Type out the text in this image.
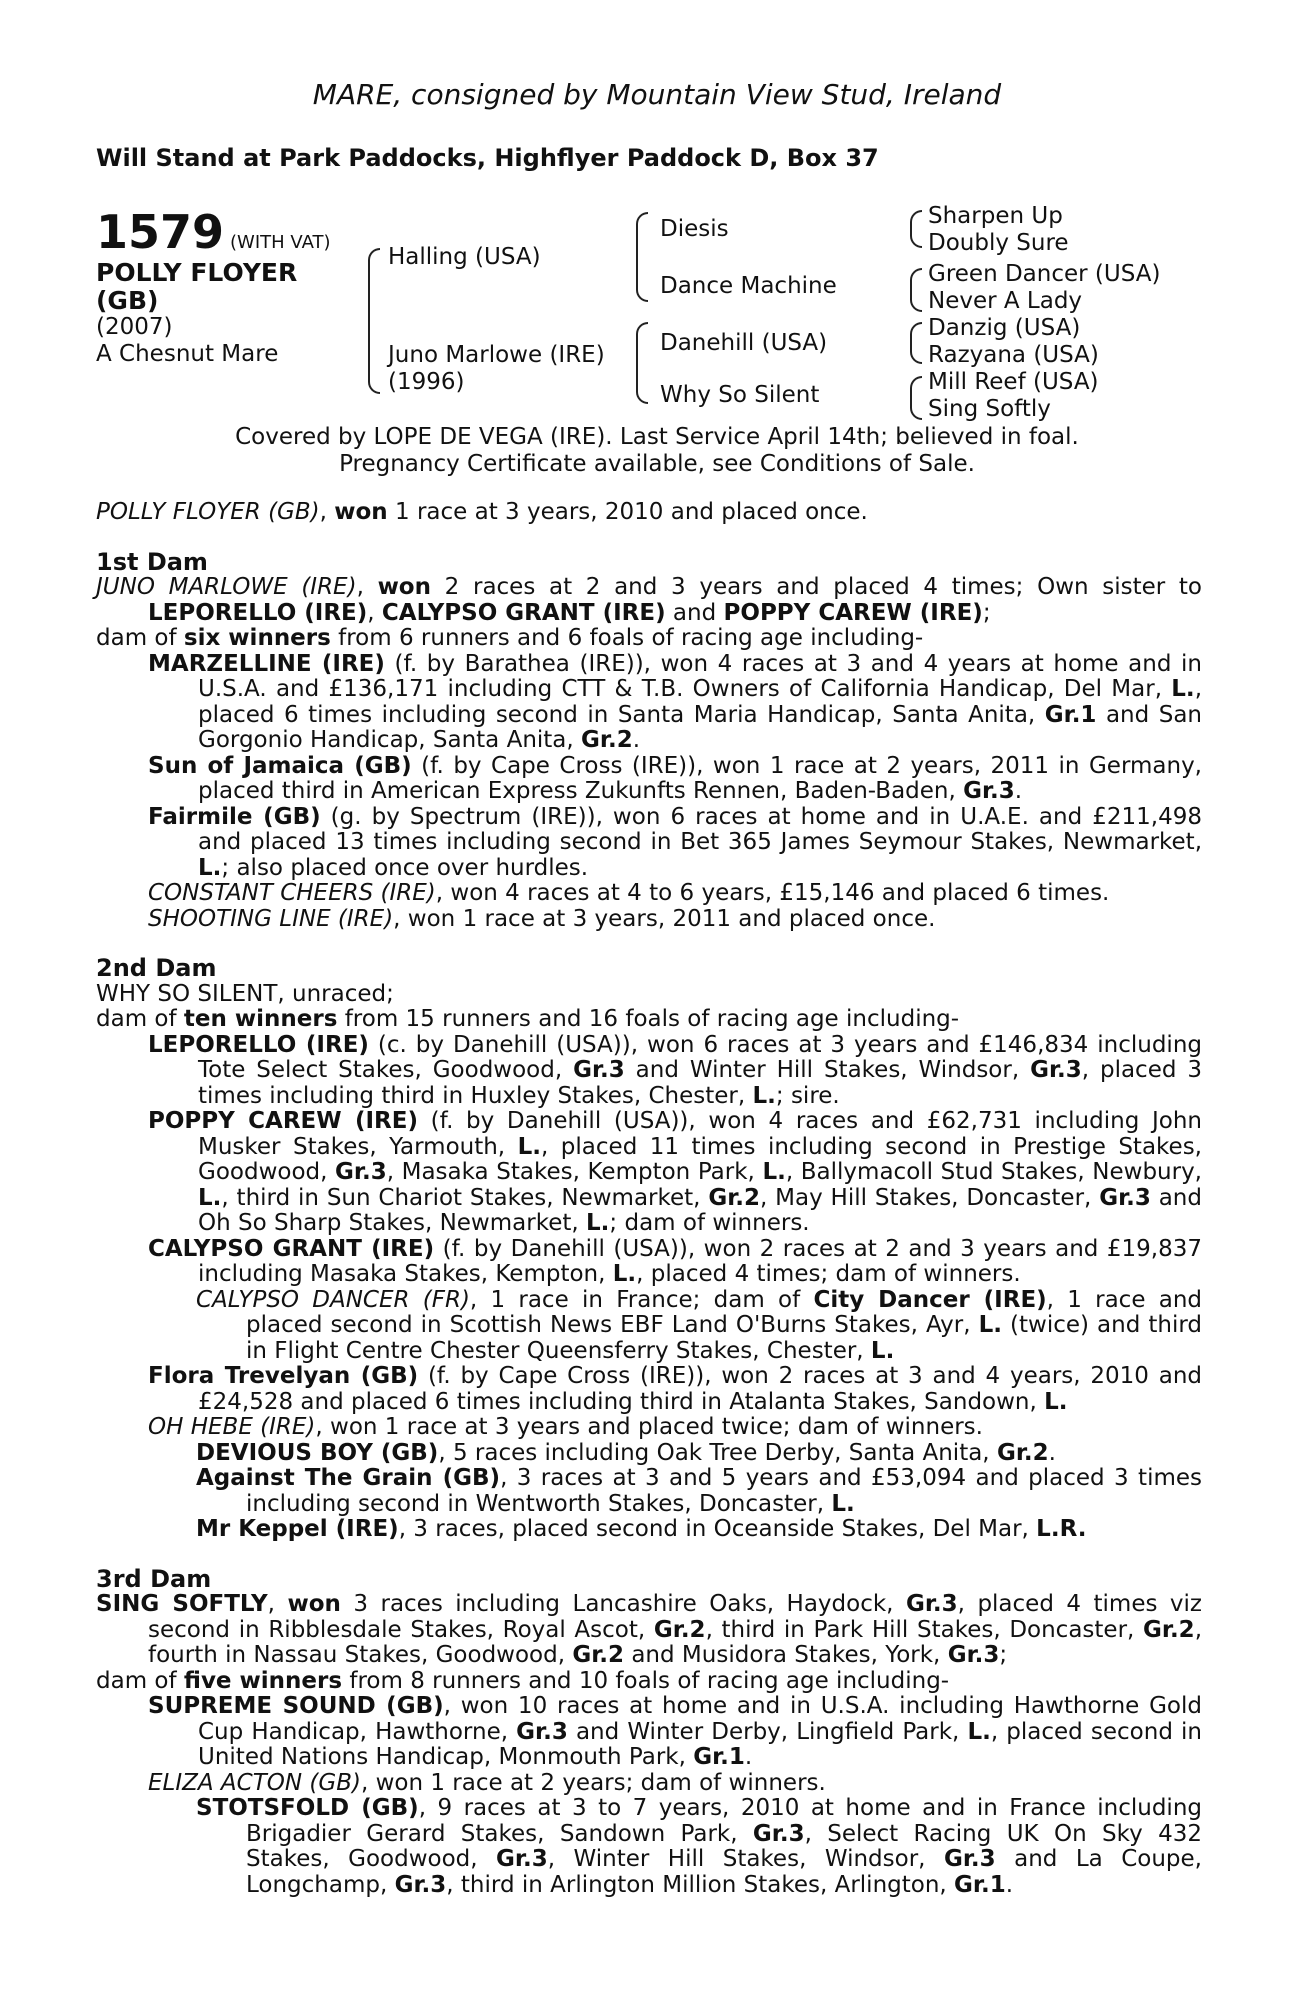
MARE, consigned by Mountain View Stud, Ireland
Will Stand at Park Paddocks, Highflyer Paddock D, Box 37
1579 (WITH VAT)
POLLY FLOYER
(GB)
(2007)
A Chesnut Mare
Halling (USA)
Juno Marlowe (IRE)
(1996)
Diesis
Dance Machine
Danehill (USA)
Why So Silent
Sharpen Up
Doubly Sure
Green Dancer (USA)
Never A Lady
Danzig (USA)
Razyana (USA)
Mill Reef (USA)
Sing Softly
Covered by LOPE DE VEGA (IRE). Last Service April 14th; believed in foal.
Pregnancy Certificate available, see Conditions of Sale.

POLLY FLOYER (GB), won 1 race at 3 years, 2010 and placed once.

1st Dam

JUNO MARLOWE (IRE), won 2 races at 2 and 3 years and placed 4 times; Own sister to LEPORELLO (IRE), CALYPSO GRANT (IRE) and POPPY CAREW (IRE);

dam of six winners from 6 runners and 6 foals of racing age including-

MARZELLINE (IRE) (f. by Barathea (IRE)), won 4 races at 3 and 4 years at home and in U.S.A. and £136,171 including CTT & T.B. Owners of California Handicap, Del Mar, L., placed 6 times including second in Santa Maria Handicap, Santa Anita, Gr.1 and San Gorgonio Handicap, Santa Anita, Gr.2.

Sun of Jamaica (GB) (f. by Cape Cross (IRE)), won 1 race at 2 years, 2011 in Germany, placed third in American Express Zukunfts Rennen, Baden-Baden, Gr.3.

Fairmile (GB) (g. by Spectrum (IRE)), won 6 races at home and in U.A.E. and £211,498 and placed 13 times including second in Bet 365 James Seymour Stakes, Newmarket, L.; also placed once over hurdles.

CONSTANT CHEERS (IRE), won 4 races at 4 to 6 years, £15,146 and placed 6 times.

SHOOTING LINE (IRE), won 1 race at 3 years, 2011 and placed once.

2nd Dam

WHY SO SILENT, unraced;

dam of ten winners from 15 runners and 16 foals of racing age including-

LEPORELLO (IRE) (c. by Danehill (USA)), won 6 races at 3 years and £146,834 including Tote Select Stakes, Goodwood, Gr.3 and Winter Hill Stakes, Windsor, Gr.3, placed 3 times including third in Huxley Stakes, Chester, L.; sire.

POPPY CAREW (IRE) (f. by Danehill (USA)), won 4 races and £62,731 including John Musker Stakes, Yarmouth, L., placed 11 times including second in Prestige Stakes, Goodwood, Gr.3, Masaka Stakes, Kempton Park, L., Ballymacoll Stud Stakes, Newbury, L., third in Sun Chariot Stakes, Newmarket, Gr.2, May Hill Stakes, Doncaster, Gr.3 and Oh So Sharp Stakes, Newmarket, L.; dam of winners.

CALYPSO GRANT (IRE) (f. by Danehill (USA)), won 2 races at 2 and 3 years and £19,837 including Masaka Stakes, Kempton, L., placed 4 times; dam of winners.

CALYPSO DANCER (FR), 1 race in France; dam of City Dancer (IRE), 1 race and placed second in Scottish News EBF Land O'Burns Stakes, Ayr, L. (twice) and third in Flight Centre Chester Queensferry Stakes, Chester, L.

Flora Trevelyan (GB) (f. by Cape Cross (IRE)), won 2 races at 3 and 4 years, 2010 and £24,528 and placed 6 times including third in Atalanta Stakes, Sandown, L.

OH HEBE (IRE), won 1 race at 3 years and placed twice; dam of winners.

DEVIOUS BOY (GB), 5 races including Oak Tree Derby, Santa Anita, Gr.2.

Against The Grain (GB), 3 races at 3 and 5 years and £53,094 and placed 3 times including second in Wentworth Stakes, Doncaster, L.

Mr Keppel (IRE), 3 races, placed second in Oceanside Stakes, Del Mar, L.R.

3rd Dam

SING SOFTLY, won 3 races including Lancashire Oaks, Haydock, Gr.3, placed 4 times viz second in Ribblesdale Stakes, Royal Ascot, Gr.2, third in Park Hill Stakes, Doncaster, Gr.2, fourth in Nassau Stakes, Goodwood, Gr.2 and Musidora Stakes, York, Gr.3;

dam of five winners from 8 runners and 10 foals of racing age including-

SUPREME SOUND (GB), won 10 races at home and in U.S.A. including Hawthorne Gold Cup Handicap, Hawthorne, Gr.3 and Winter Derby, Lingfield Park, L., placed second in United Nations Handicap, Monmouth Park, Gr.1.

ELIZA ACTON (GB), won 1 race at 2 years; dam of winners.

STOTSFOLD (GB), 9 races at 3 to 7 years, 2010 at home and in France including Brigadier Gerard Stakes, Sandown Park, Gr.3, Select Racing UK On Sky 432 Stakes, Goodwood, Gr.3, Winter Hill Stakes, Windsor, Gr.3 and La Coupe, Longchamp, Gr.3, third in Arlington Million Stakes, Arlington, Gr.1.
